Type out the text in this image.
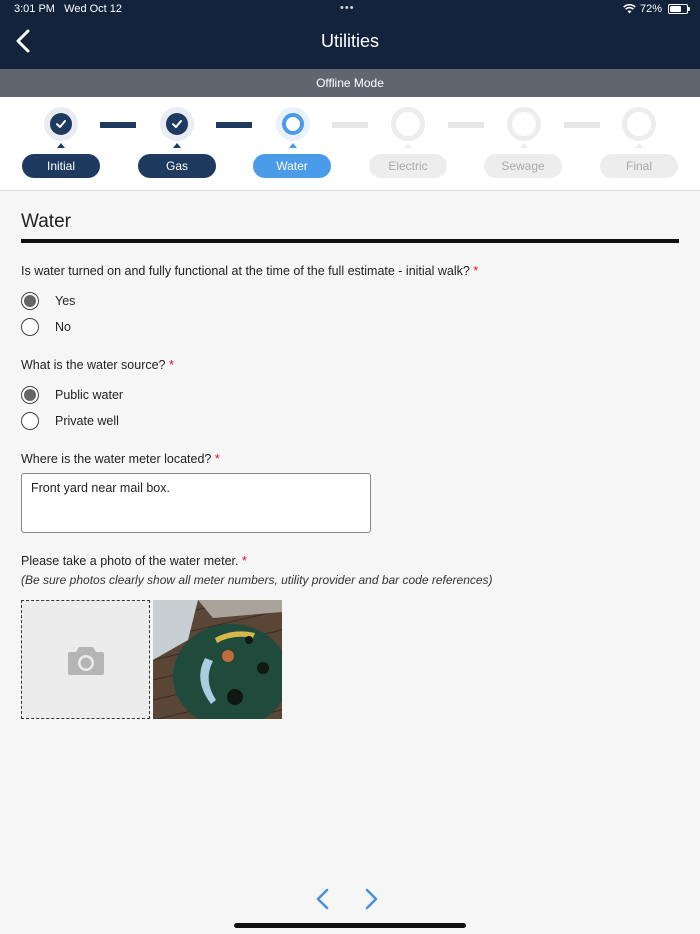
3:01 PM Wed Oct 12	•••	72%
Utilities
Offline Mode
Initial	Gas	Water	Electric	Sewage	Final
Water
Is water turned on and fully functional at the time of the full estimate - initial walk? *
Yes
No
What is the water source? *
Public water
Private well
Where is the water meter located? *
Front yard near mail box.
Please take a photo of the water meter. *
(Be sure photos clearly show all meter numbers, utility provider and bar code references)
